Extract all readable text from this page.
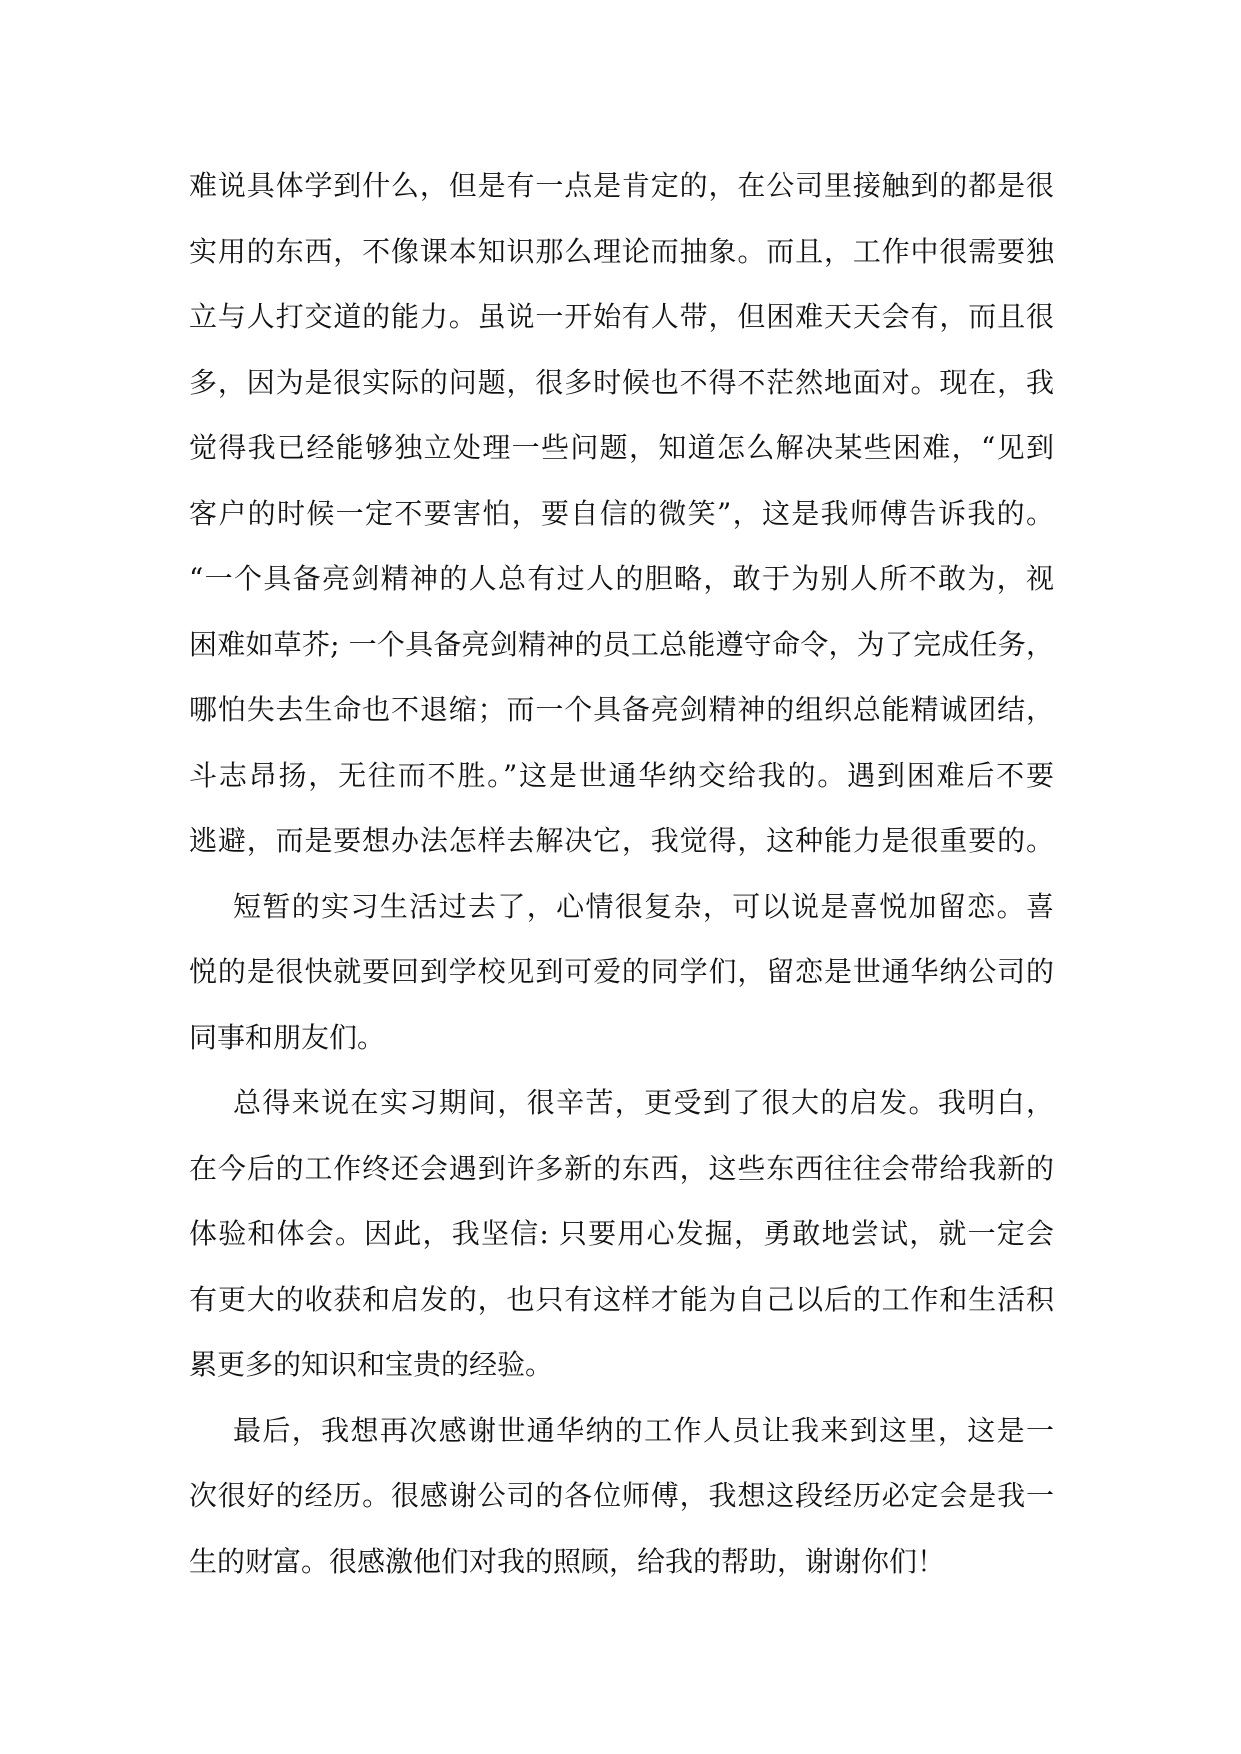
难说具体学到什么，但是有一点是肯定的，在公司里接触到的都是很
实用的东西，不像课本知识那么理论而抽象。而且，工作中很需要独
立与人打交道的能力。虽说一开始有人带，但困难天天会有，而且很
多，因为是很实际的问题，很多时候也不得不茫然地面对。现在，我
觉得我已经能够独立处理一些问题，知道怎么解决某些困难，“见到
客户的时候一定不要害怕，要自信的微笑”，这是我师傅告诉我的。
“一个具备亮剑精神的人总有过人的胆略，敢于为别人所不敢为，视
困难如草芥; 一个具备亮剑精神的员工总能遵守命令，为了完成任务，
哪怕失去生命也不退缩；而一个具备亮剑精神的组织总能精诚团结，
斗志昂扬，无往而不胜。”这是世通华纳交给我的。遇到困难后不要
逃避，而是要想办法怎样去解决它，我觉得，这种能力是很重要的。
短暂的实习生活过去了，心情很复杂，可以说是喜悦加留恋。喜
悦的是很快就要回到学校见到可爱的同学们，留恋是世通华纳公司的
同事和朋友们。
总得来说在实习期间，很辛苦，更受到了很大的启发。我明白，
在今后的工作终还会遇到许多新的东西，这些东西往往会带给我新的
体验和体会。因此，我坚信: 只要用心发掘，勇敢地尝试，就一定会
有更大的收获和启发的，也只有这样才能为自己以后的工作和生活积
累更多的知识和宝贵的经验。
最后，我想再次感谢世通华纳的工作人员让我来到这里，这是一
次很好的经历。很感谢公司的各位师傅，我想这段经历必定会是我一
生的财富。很感激他们对我的照顾，给我的帮助，谢谢你们！
